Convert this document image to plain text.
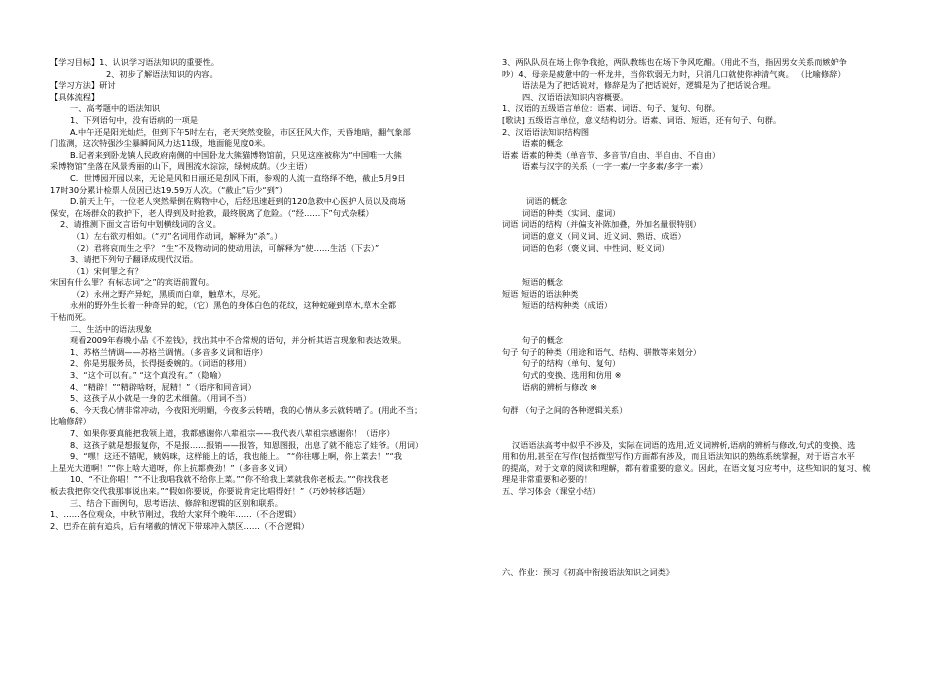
【学习目标】1、认识学习语法知识的重要性。
2、初步了解语法知识的内容。
【学习方法】研讨
【具体流程】
一、高考题中的语法知识
1、下列语句中，没有语病的一项是
A.中午还是阳光灿烂，但到下午5时左右，老天突然变脸，市区狂风大作，天昏地暗，翻气象部
门监测，这次特强沙尘暴瞬间风力达11级，地面能见度0米。
B.记者来到卧龙镇人民政府南侧的中国卧龙大熊猫博物馆前，只见这座被称为“中国唯一大熊
采博物馆”坐落在风景秀丽的山下，周围流水淙淙，绿树成荫。（少主语）
C．世博园开园以来，无论是风和日丽还是刮风下雨，参观的人流一直络绎不绝，截止5月9日
17时30分累计检票人员因已达19.59万人次。（“截止”后少“到”）
D.前天上午，一位老人突然晕倒在购物中心，后经迅速赶到的120急救中心医护人员以及商场
保安，在场群众的救护下，老人得到及时抢救，最终脱离了危险。（“经……下”句式杂糅）
2、请推测下面文言语句中划横线词的含义。
（1）左右欲刃相如。（“刃”名词用作动词，解释为“杀”。）
（2）君将哀而生之乎？ “生”不及物动词的使动用法，可解释为“使……生活（下去）”
3、请把下列句子翻译成现代汉语。
（1）宋何罪之有？
宋国有什么罪？有标志词“之”的宾语前置句。
（2）永州之野产异蛇，黑质而白章，触草木，尽死。
永州的野外生长着一种奇异的蛇，（它）黑色的身体白色的花纹，这种蛇碰到草木,草木全都
干枯而死。
二、生活中的语法现象
观看2009年春晚小品《不差钱》，找出其中不合常规的语句，并分析其语言现象和表达效果。
1、苏格兰情调——苏格兰调情。（多音多义词和语序）
2、你是男服务员，长得挺委婉的。（词语的移用）
3、“这个可以有。” “这个真没有。”（隐喻）
4、“精辟！”“精辟啥呀，屁精！”（语序和同音词）
5、这孩子从小就是一身的艺术细菌。（用词不当）
6、今天我心情非常冲动，今夜阳光明媚，今夜多云转晴，我的心情从多云就转晴了。(用此不当；
比喻修辞）
7、如果你要真能把我领上道，我都感谢你八辈祖宗——我代表八辈祖宗感谢你！（语序）
8、这孩子就是想报复你，不是报……报销——报答，知恩图报，出息了就不能忘了娃爷。（用词）
9、“嘿！这还不错呢，姨妈咪，这样能上的话，我也能上。 ”“你往哪上啊，你上菜去！”“我
上星光大道啊！”“你上啥大道呀，你上抗都费劲！”（多音多义词）
10、“不让你唱！”“不让我唱我就不给你上菜。”“你不给我上菜就我你老板去。”“你找我老
板去我把你交代我那事说出来。”“假如你要说，你要说肯定比唱得好！”（巧妙转移话题）
三、结合下面例句，思考语法、修辞和逻辑的区别和联系。
1、……各位观众，中秋节刚过，我给大家拜个晚年……（不合逻辑）
2、巴乔在前有追兵，后有堵截的情况下带球冲入禁区……（不合逻辑）
3、两队队员在场上你争我抢，两队教练也在场下争风吃醋。（用此不当，指因男女关系而嫉妒争
吵）4、母亲是疲惫中的一杯龙井，当你软弱无力时，只消几口就使你神清气爽。 （比喻修辞）
语法是为了把话说对，修辞是为了把话说好，逻辑是为了把话说合理。
四、汉语语法知识内容概要。
1、汉语的五级语言单位：语素、词语、句子、复句、句群。
[歌诀] 五级语言单位，意义结构切分。语素、词语、短语，还有句子、句群。
2、汉语语法知识结构图
语素的概念
语素 语素的种类（单音节、多音节/自由、半自由、不自由）
语素与汉字的关系（一字一素/一字多素/多字一素）
词语的概念
词语的种类（实词、虚词）
词语 词语的结构（并偏支补陈加叠，外加名量很特别）
词语的意义（同义词、近义词、熟语、成语）
词语的色彩（褒义词、中性词、贬义词）
短语的概念
短语 短语的语法种类
短语的结构种类（成语）
句子的概念
句子 句子的种类（用途和语气、结构、骈散等来划分）
句子的结构（单句、复句）
句式的变换、选用和仿用 ※
语病的辨析与修改 ※
句群 （句子之间的各种逻辑关系）
汉语语法高考中似乎不涉及，实际在词语的选用,近义词辨析,语病的辨析与修改,句式的变换、选
用和仿用,甚至在写作(包括微型写作)方面都有涉及，而且语法知识的熟练系统掌握，对于语言水平
的提高，对于文章的阅读和理解，都有着重要的意义。因此，在语文复习应考中，这些知识的复习、梳
理是非常重要和必要的！
五、学习体会（课堂小结）
六、作业：预习《初高中衔接语法知识之词类》
